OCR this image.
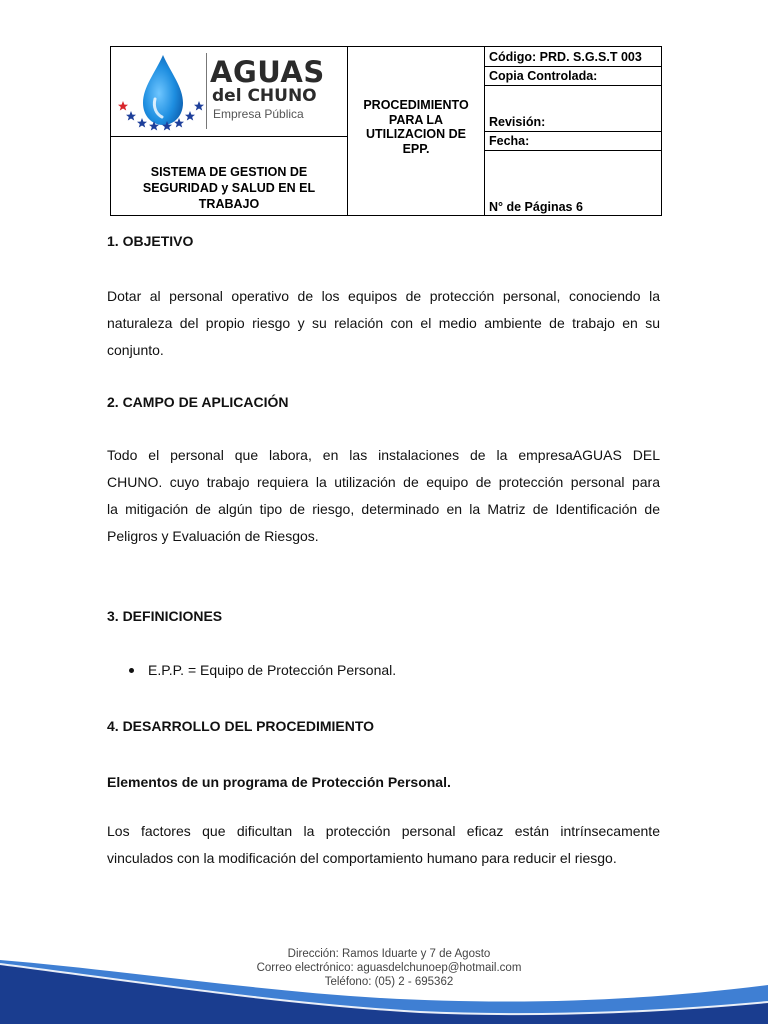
AGUAS
del CHUNO
Empresa Pública
SISTEMA DE GESTION DE
SEGURIDAD y SALUD EN EL
TRABAJO
PROCEDIMIENTO
PARA LA
UTILIZACION DE
EPP.
Código: PRD. S.G.S.T 003
Copia Controlada:
Revisión:
Fecha:
N° de Páginas 6
1. OBJETIVO
Dotar al personal operativo de los equipos de protección personal, conociendo la
naturaleza del propio riesgo y su relación con el medio ambiente de trabajo en su
conjunto.
2. CAMPO DE APLICACIÓN
Todo el personal que labora, en las instalaciones de la empresaAGUAS DEL
CHUNO. cuyo trabajo requiera la utilización de equipo de protección personal para
la mitigación de algún tipo de riesgo, determinado en la Matriz de Identificación de
Peligros y Evaluación de Riesgos.
3. DEFINICIONES
E.P.P. = Equipo de Protección Personal.
4. DESARROLLO DEL PROCEDIMIENTO
Elementos de un programa de Protección Personal.
Los factores que dificultan la protección personal eficaz están intrínsecamente
vinculados con la modificación del comportamiento humano para reducir el riesgo.
Dirección: Ramos Iduarte y 7 de Agosto
Correo electrónico: aguasdelchunoep@hotmail.com
Teléfono: (05) 2 - 695362
